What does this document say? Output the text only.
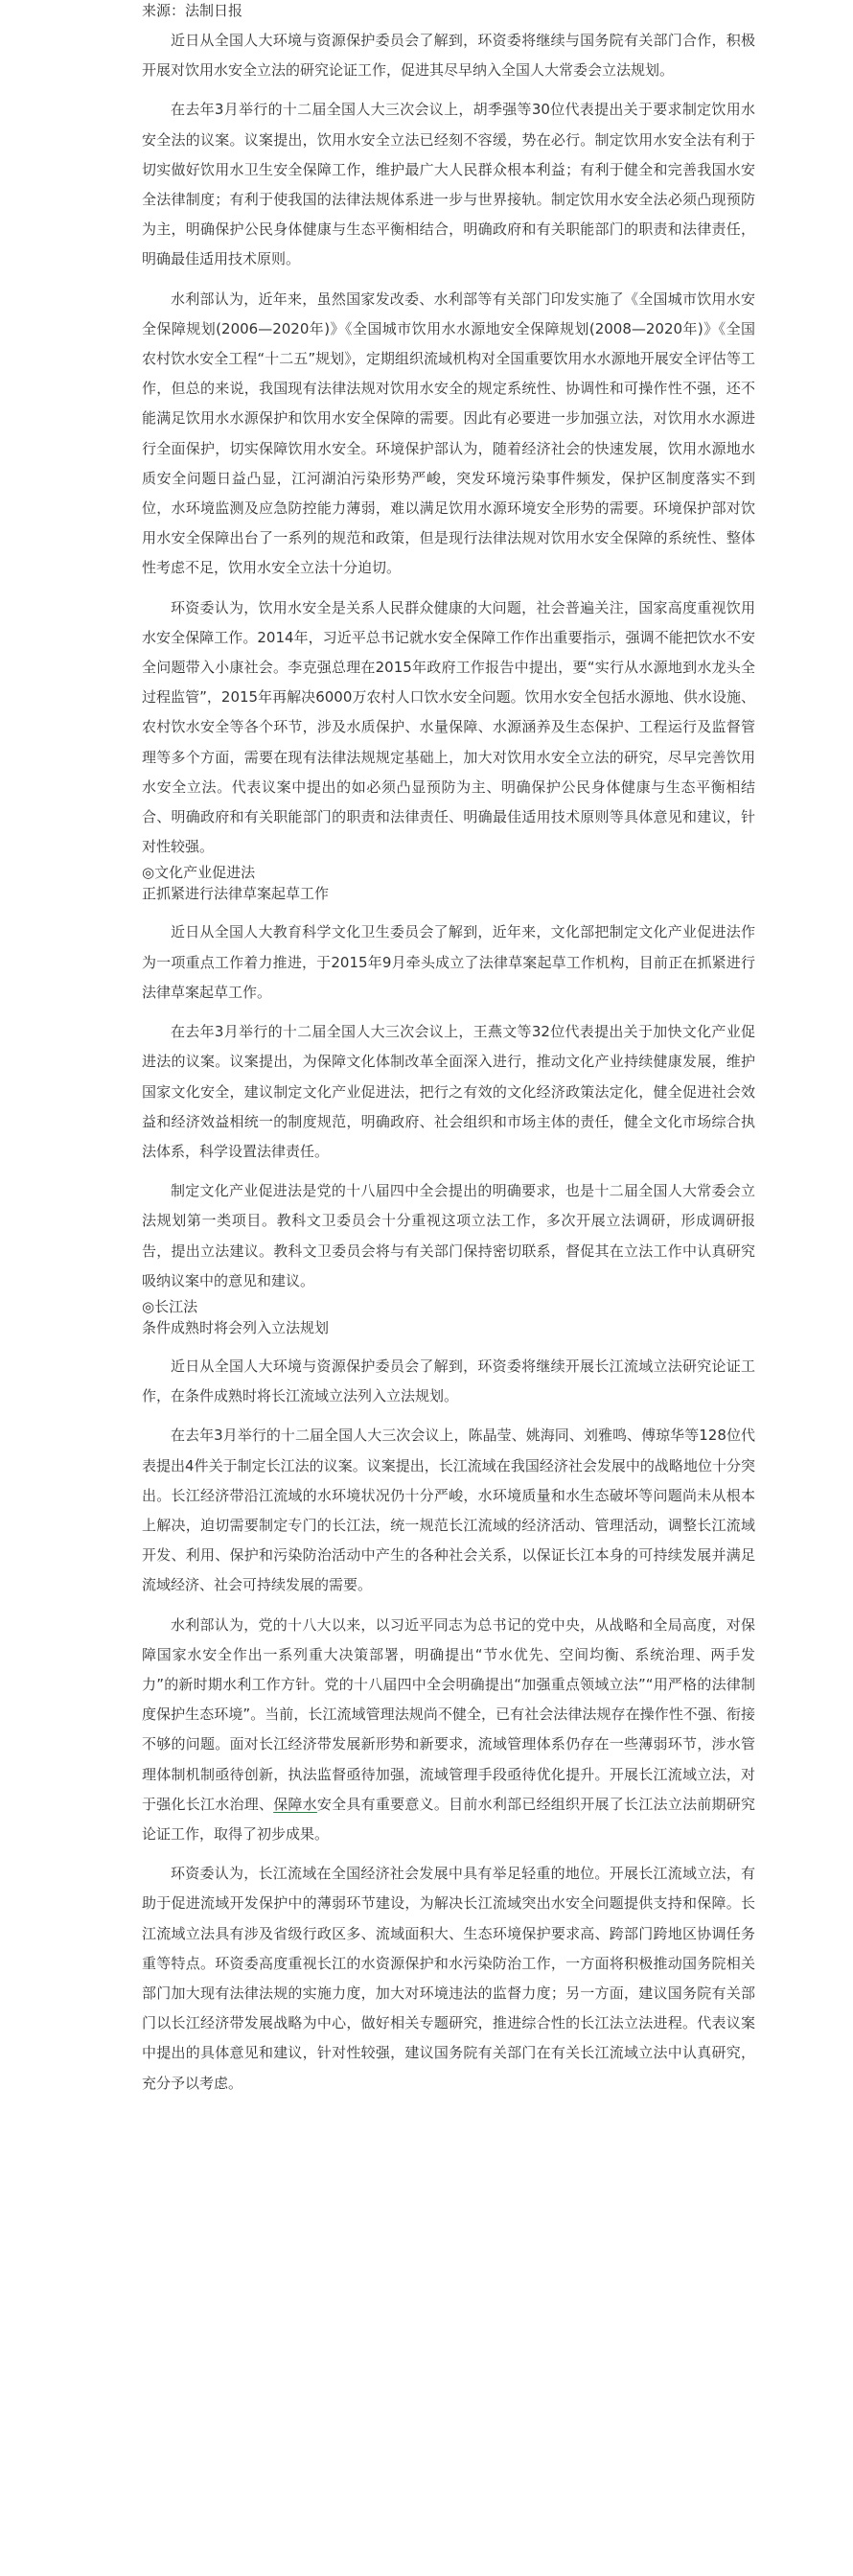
来源：法制日报

近日从全国人大环境与资源保护委员会了解到，环资委将继续与国务院有关部门合作，积极开展对饮用水安全立法的研究论证工作，促进其尽早纳入全国人大常委会立法规划。

在去年3月举行的十二届全国人大三次会议上，胡季强等30位代表提出关于要求制定饮用水安全法的议案。议案提出，饮用水安全立法已经刻不容缓，势在必行。制定饮用水安全法有利于切实做好饮用水卫生安全保障工作，维护最广大人民群众根本利益；有利于健全和完善我国水安全法律制度；有利于使我国的法律法规体系进一步与世界接轨。制定饮用水安全法必须凸现预防为主，明确保护公民身体健康与生态平衡相结合，明确政府和有关职能部门的职责和法律责任，明确最佳适用技术原则。

水利部认为，近年来，虽然国家发改委、水利部等有关部门印发实施了《全国城市饮用水安全保障规划(2006—2020年)》《全国城市饮用水水源地安全保障规划(2008—2020年)》《全国农村饮水安全工程“十二五”规划》，定期组织流域机构对全国重要饮用水水源地开展安全评估等工作，但总的来说，我国现有法律法规对饮用水安全的规定系统性、协调性和可操作性不强，还不能满足饮用水水源保护和饮用水安全保障的需要。因此有必要进一步加强立法，对饮用水水源进行全面保护，切实保障饮用水安全。环境保护部认为，随着经济社会的快速发展，饮用水源地水质安全问题日益凸显，江河湖泊污染形势严峻，突发环境污染事件频发，保护区制度落实不到位，水环境监测及应急防控能力薄弱，难以满足饮用水源环境安全形势的需要。环境保护部对饮用水安全保障出台了一系列的规范和政策，但是现行法律法规对饮用水安全保障的系统性、整体性考虑不足，饮用水安全立法十分迫切。

环资委认为，饮用水安全是关系人民群众健康的大问题，社会普遍关注，国家高度重视饮用水安全保障工作。2014年，习近平总书记就水安全保障工作作出重要指示，强调不能把饮水不安全问题带入小康社会。李克强总理在2015年政府工作报告中提出，要“实行从水源地到水龙头全过程监管”，2015年再解决6000万农村人口饮水安全问题。饮用水安全包括水源地、供水设施、农村饮水安全等各个环节，涉及水质保护、水量保障、水源涵养及生态保护、工程运行及监督管理等多个方面，需要在现有法律法规规定基础上，加大对饮用水安全立法的研究，尽早完善饮用水安全立法。代表议案中提出的如必须凸显预防为主、明确保护公民身体健康与生态平衡相结合、明确政府和有关职能部门的职责和法律责任、明确最佳适用技术原则等具体意见和建议，针对性较强。

◎文化产业促进法

正抓紧进行法律草案起草工作

近日从全国人大教育科学文化卫生委员会了解到，近年来，文化部把制定文化产业促进法作为一项重点工作着力推进，于2015年9月牵头成立了法律草案起草工作机构，目前正在抓紧进行法律草案起草工作。

在去年3月举行的十二届全国人大三次会议上，王燕文等32位代表提出关于加快文化产业促进法的议案。议案提出，为保障文化体制改革全面深入进行，推动文化产业持续健康发展，维护国家文化安全，建议制定文化产业促进法，把行之有效的文化经济政策法定化，健全促进社会效益和经济效益相统一的制度规范，明确政府、社会组织和市场主体的责任，健全文化市场综合执法体系，科学设置法律责任。

制定文化产业促进法是党的十八届四中全会提出的明确要求，也是十二届全国人大常委会立法规划第一类项目。教科文卫委员会十分重视这项立法工作，多次开展立法调研，形成调研报告，提出立法建议。教科文卫委员会将与有关部门保持密切联系，督促其在立法工作中认真研究吸纳议案中的意见和建议。

◎长江法

条件成熟时将会列入立法规划

近日从全国人大环境与资源保护委员会了解到，环资委将继续开展长江流域立法研究论证工作，在条件成熟时将长江流域立法列入立法规划。

在去年3月举行的十二届全国人大三次会议上，陈晶莹、姚海同、刘雅鸣、傅琼华等128位代表提出4件关于制定长江法的议案。议案提出，长江流域在我国经济社会发展中的战略地位十分突出。长江经济带沿江流域的水环境状况仍十分严峻，水环境质量和水生态破坏等问题尚未从根本上解决，迫切需要制定专门的长江法，统一规范长江流域的经济活动、管理活动，调整长江流域开发、利用、保护和污染防治活动中产生的各种社会关系，以保证长江本身的可持续发展并满足流域经济、社会可持续发展的需要。

水利部认为，党的十八大以来，以习近平同志为总书记的党中央，从战略和全局高度，对保障国家水安全作出一系列重大决策部署，明确提出“节水优先、空间均衡、系统治理、两手发力”的新时期水利工作方针。党的十八届四中全会明确提出“加强重点领域立法”“用严格的法律制度保护生态环境”。当前，长江流域管理法规尚不健全，已有社会法律法规存在操作性不强、衔接不够的问题。面对长江经济带发展新形势和新要求，流域管理体系仍存在一些薄弱环节，涉水管理体制机制亟待创新，执法监督亟待加强，流域管理手段亟待优化提升。开展长江流域立法，对于强化长江水治理、保障水安全具有重要意义。目前水利部已经组织开展了长江法立法前期研究论证工作，取得了初步成果。

环资委认为，长江流域在全国经济社会发展中具有举足轻重的地位。开展长江流域立法，有助于促进流域开发保护中的薄弱环节建设，为解决长江流域突出水安全问题提供支持和保障。长江流域立法具有涉及省级行政区多、流域面积大、生态环境保护要求高、跨部门跨地区协调任务重等特点。环资委高度重视长江的水资源保护和水污染防治工作，一方面将积极推动国务院相关部门加大现有法律法规的实施力度，加大对环境违法的监督力度；另一方面，建议国务院有关部门以长江经济带发展战略为中心，做好相关专题研究，推进综合性的长江法立法进程。代表议案中提出的具体意见和建议，针对性较强，建议国务院有关部门在有关长江流域立法中认真研究，充分予以考虑。
